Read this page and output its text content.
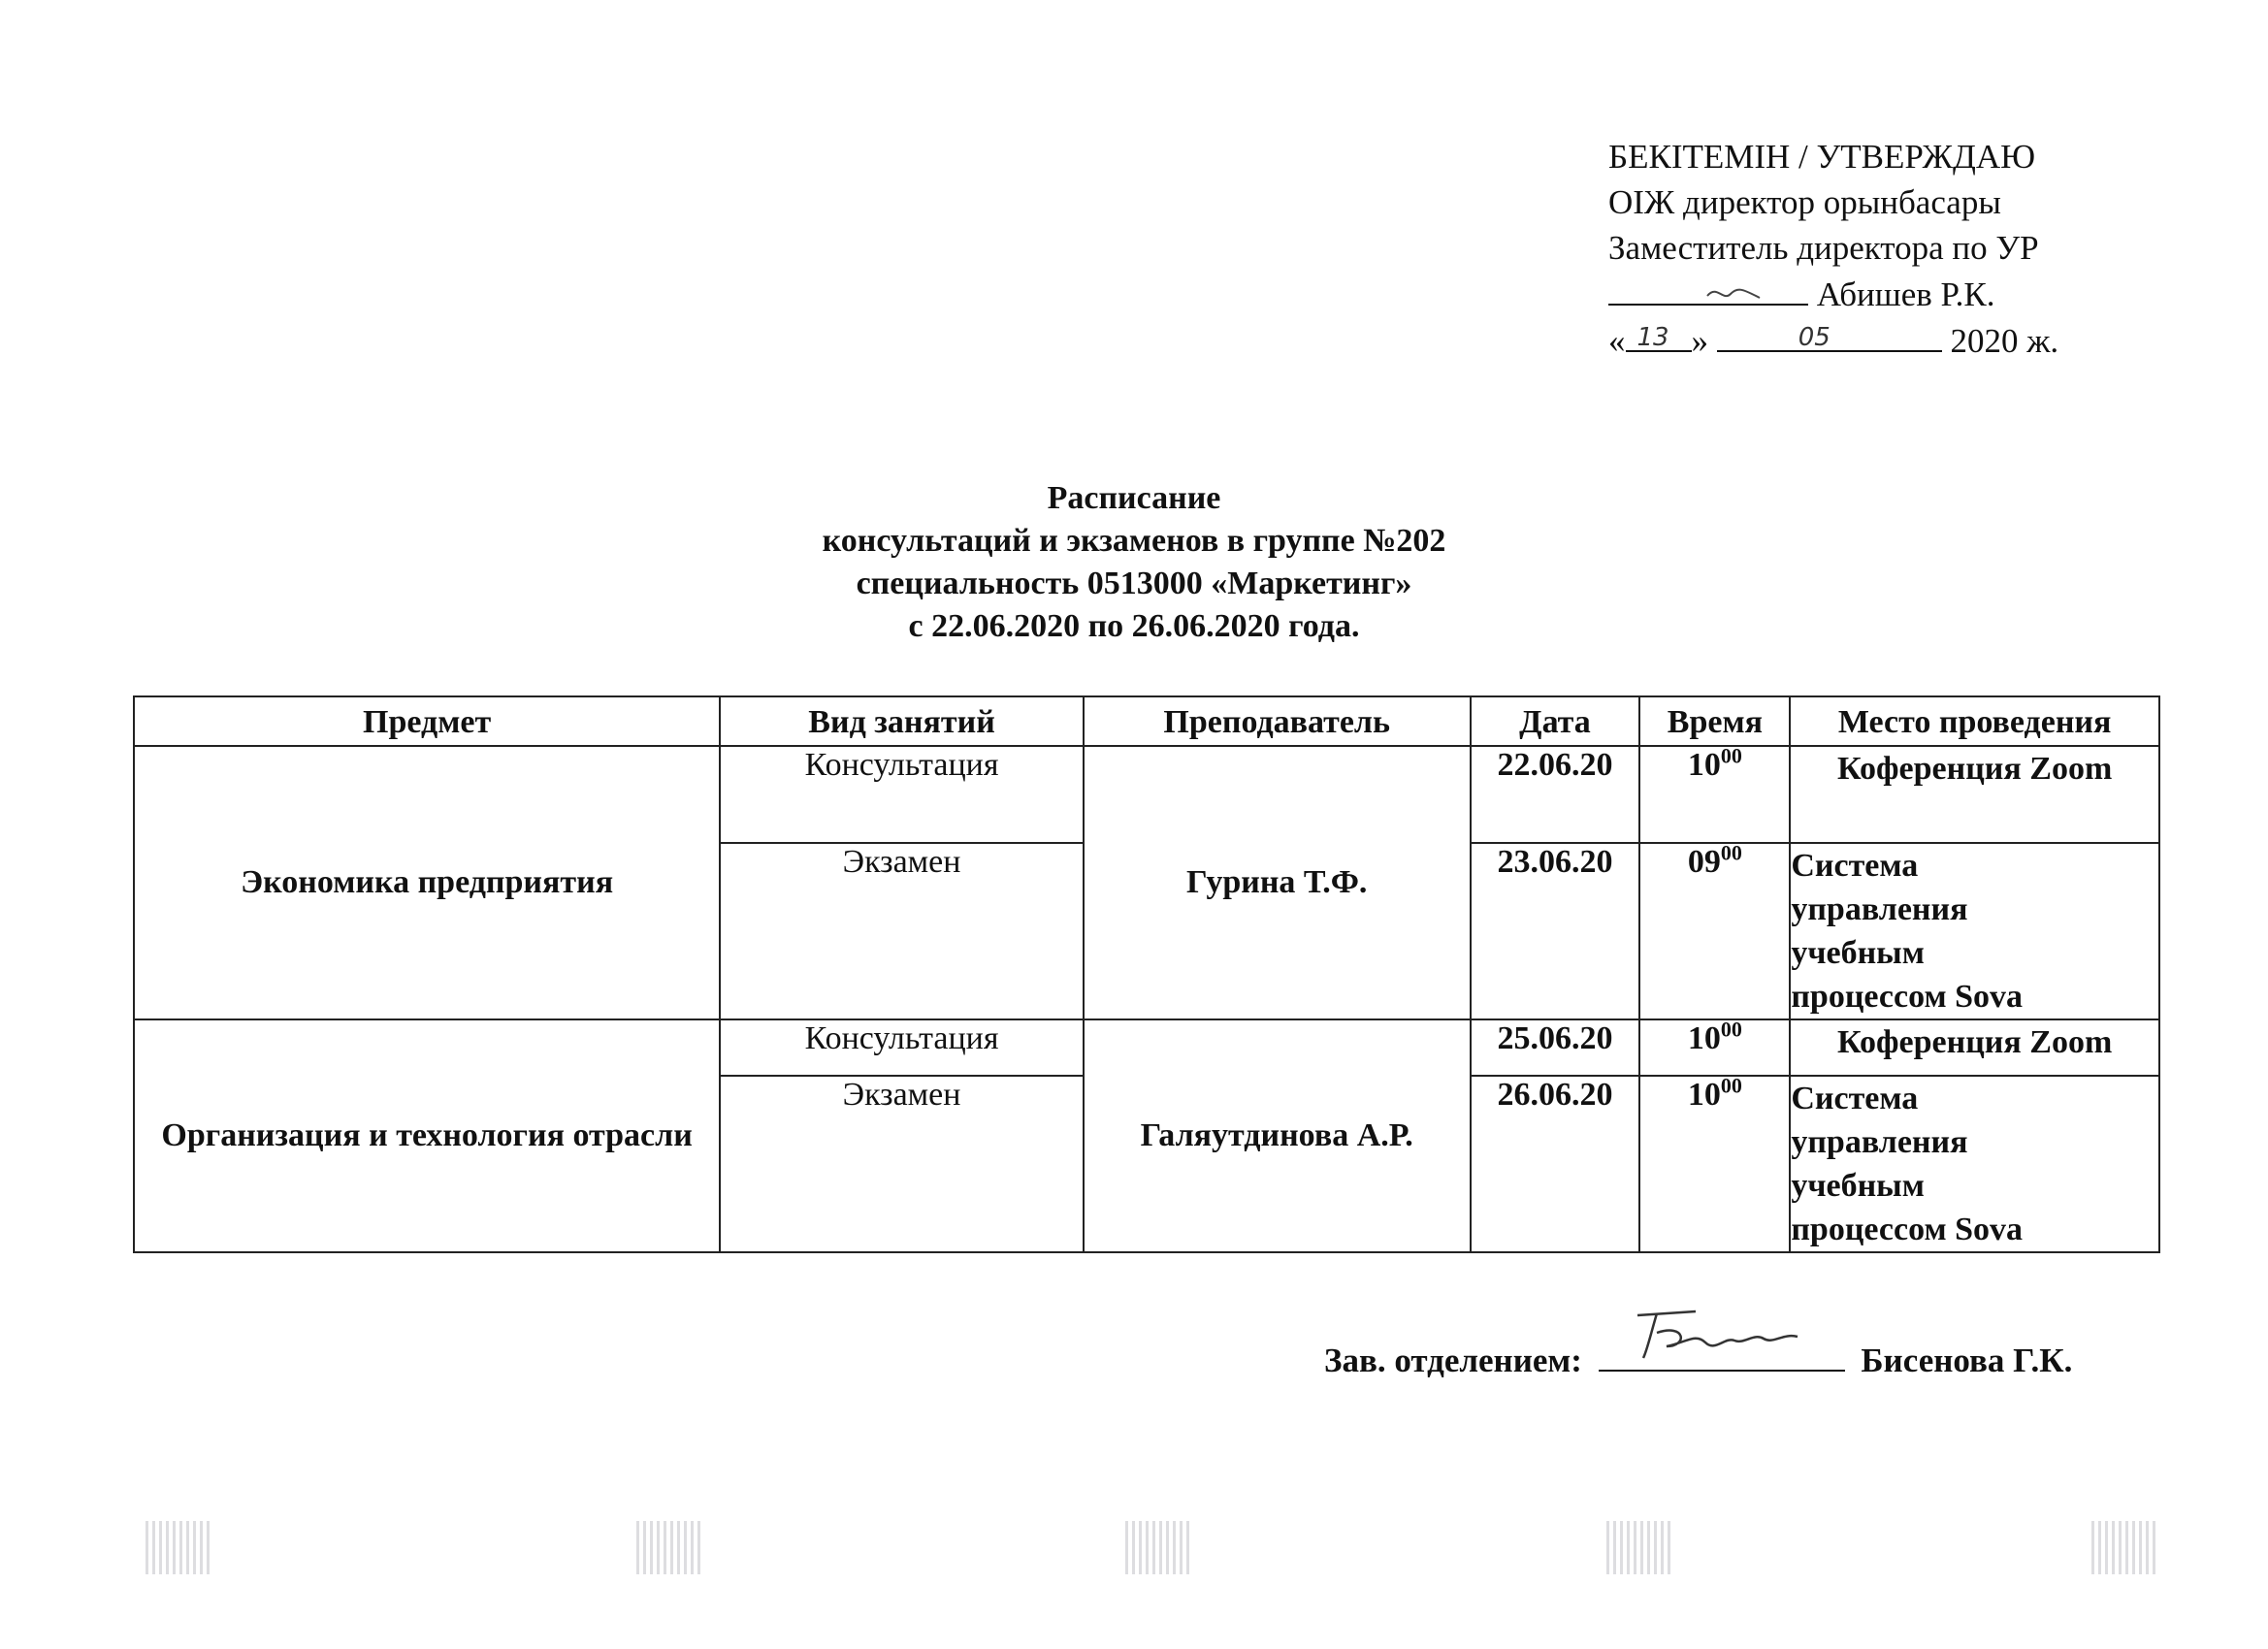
БЕКІТЕМІН / УТВЕРЖДАЮ
ОІЖ директор орынбасары
Заместитель директора по УР
Абишев Р.К.
« 13 »	05	2020 ж.
Расписание
консультаций и экзаменов в группе №202
специальность 0513000 «Маркетинг»
с 22.06.2020 по 26.06.2020 года.
Предмет	Вид занятий	Преподаватель	Дата	Время	Место проведения
Экономика предприятия	Консультация	Гурина Т.Ф.	22.06.20	$10^{00}$	Коференция Zoom
	Экзамен		23.06.20	$09^{00}$	Система
управления
учебным
процессом Sova

Организация и технология отрасли	Консультация	Галяутдинова А.Р.	25.06.20	$10^{00}$	Коференция Zoom
	Экзамен		26.06.20	$10^{00}$	Система
управления
учебным
процессом Sova
Зав. отделением:	Бисенова Г.К.
